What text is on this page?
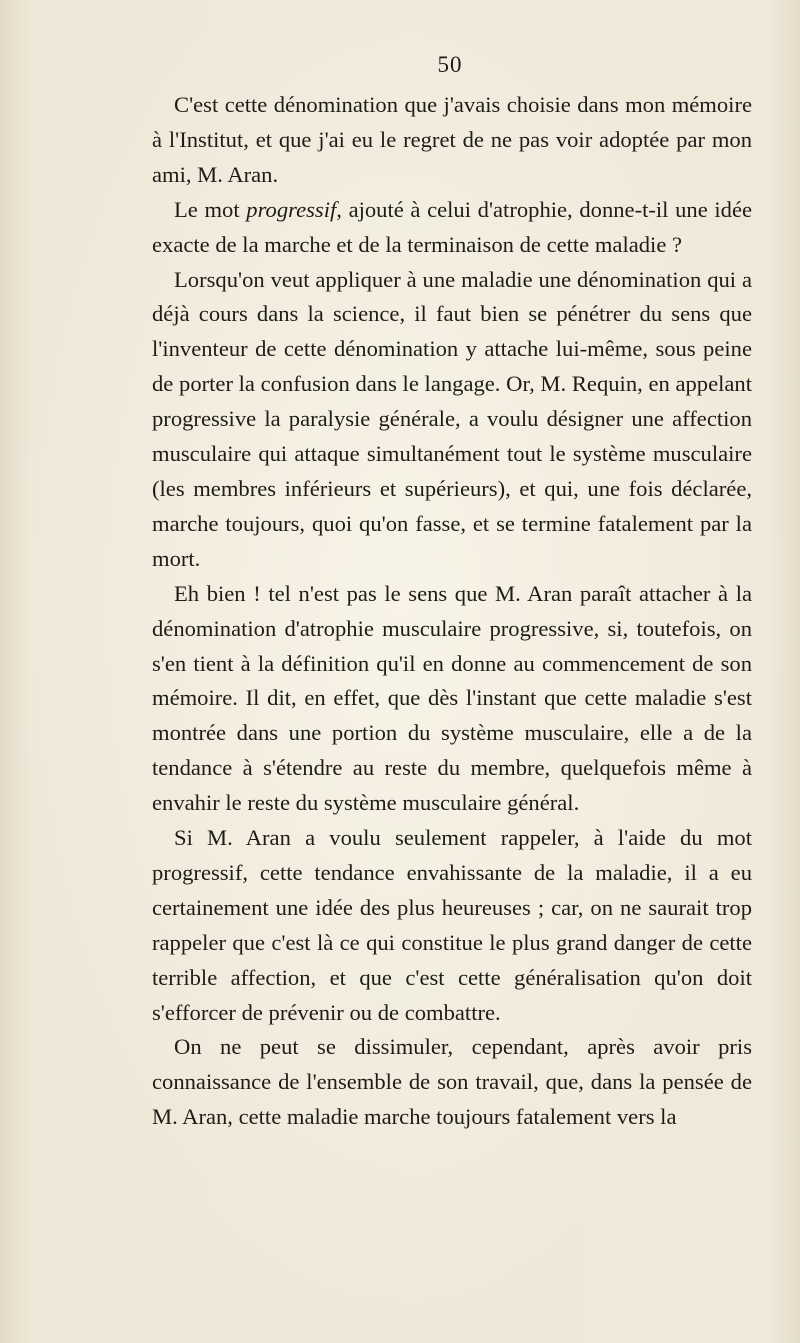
50
C'est cette dénomination que j'avais choisie dans mon mémoire à l'Institut, et que j'ai eu le regret de ne pas voir adoptée par mon ami, M. Aran.
Le mot progressif, ajouté à celui d'atrophie, donne-t-il une idée exacte de la marche et de la terminaison de cette maladie ?
Lorsqu'on veut appliquer à une maladie une dénomination qui a déjà cours dans la science, il faut bien se pénétrer du sens que l'inventeur de cette dénomination y attache lui-même, sous peine de porter la confusion dans le langage. Or, M. Requin, en appelant progressive la paralysie générale, a voulu désigner une affection musculaire qui attaque simultanément tout le système musculaire (les membres inférieurs et supérieurs), et qui, une fois déclarée, marche toujours, quoi qu'on fasse, et se termine fatalement par la mort.
Eh bien ! tel n'est pas le sens que M. Aran paraît attacher à la dénomination d'atrophie musculaire progressive, si, toutefois, on s'en tient à la définition qu'il en donne au commencement de son mémoire. Il dit, en effet, que dès l'instant que cette maladie s'est montrée dans une portion du système musculaire, elle a de la tendance à s'étendre au reste du membre, quelquefois même à envahir le reste du système musculaire général.
Si M. Aran a voulu seulement rappeler, à l'aide du mot progressif, cette tendance envahissante de la maladie, il a eu certainement une idée des plus heureuses ; car, on ne saurait trop rappeler que c'est là ce qui constitue le plus grand danger de cette terrible affection, et que c'est cette généralisation qu'on doit s'efforcer de prévenir ou de combattre.
On ne peut se dissimuler, cependant, après avoir pris connaissance de l'ensemble de son travail, que, dans la pensée de M. Aran, cette maladie marche toujours fatalement vers la
